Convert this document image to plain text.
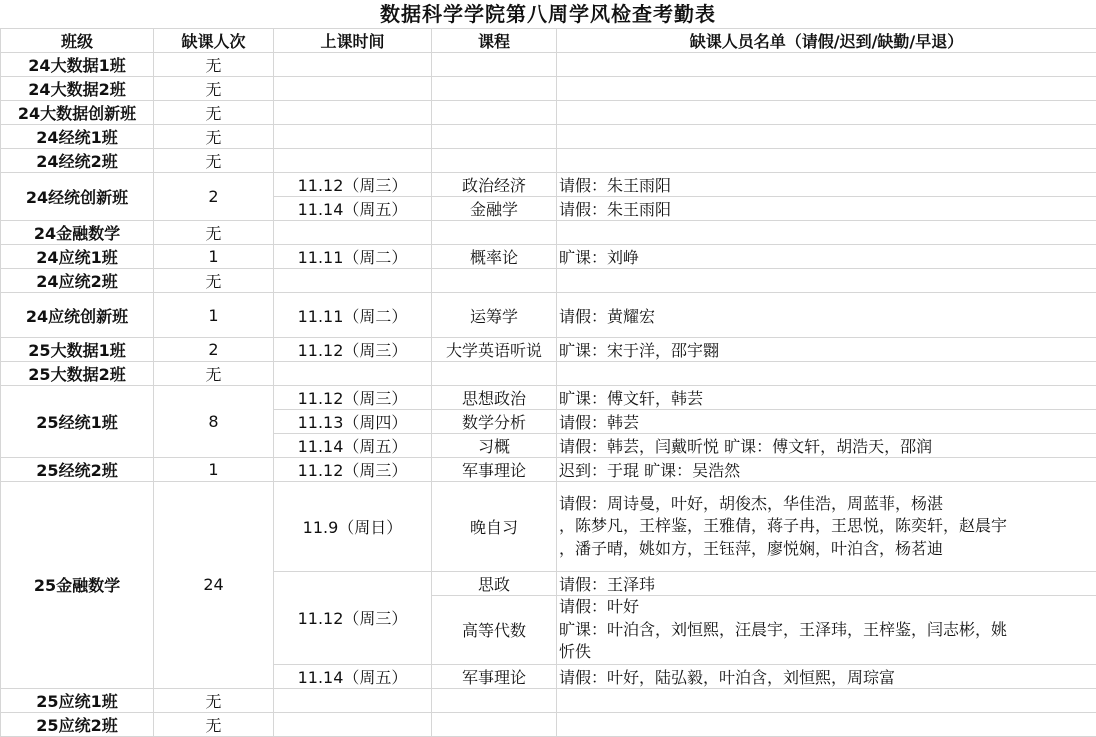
数据科学学院第八周学风检查考勤表
班级	缺课人次	上课时间	课程	缺课人员名单（请假/迟到/缺勤/早退）
24大数据1班	无			
24大数据2班	无			
24大数据创新班	无			
24经统1班	无			
24经统2班	无			
24经统创新班	2	11.12（周三）	政治经济	请假：朱王雨阳
		11.14（周五）	金融学	请假：朱王雨阳
24金融数学	无			
24应统1班	1	11.11（周二）	概率论	旷课：刘峥
24应统2班	无			
24应统创新班	1	11.11（周二）	运筹学	请假：黄耀宏
25大数据1班	2	11.12（周三）	大学英语听说	旷课：宋于洋，邵宇翾
25大数据2班	无			
25经统1班	8	11.12（周三）	思想政治	旷课：傅文轩，韩芸
		11.13（周四）	数学分析	请假：韩芸
		11.14（周五）	习概	请假：韩芸，闫戴昕悦 旷课：傅文轩，胡浩天，邵润
25经统2班	1	11.12（周三）	军事理论	迟到：于琨 旷课：吴浩然
25金融数学	24	11.9（周日）	晚自习	请假：周诗曼，叶好，胡俊杰，华佳浩，周蓝菲，杨湛
，陈梦凡，王梓鉴，王雅倩，蒋子冉，王思悦，陈奕轩，赵晨宇
，潘子晴，姚如方，王钰萍，廖悦娴，叶泊含，杨茗迪

		11.12（周三）	思政	请假：王泽玮
			高等代数	请假：叶好
旷课：叶泊含，刘恒熙，汪晨宇，王泽玮，王梓鉴，闫志彬，姚
忻佚

		11.14（周五）	军事理论	请假：叶好，陆弘毅，叶泊含，刘恒熙，周琮富
25应统1班	无			
25应统2班	无			
